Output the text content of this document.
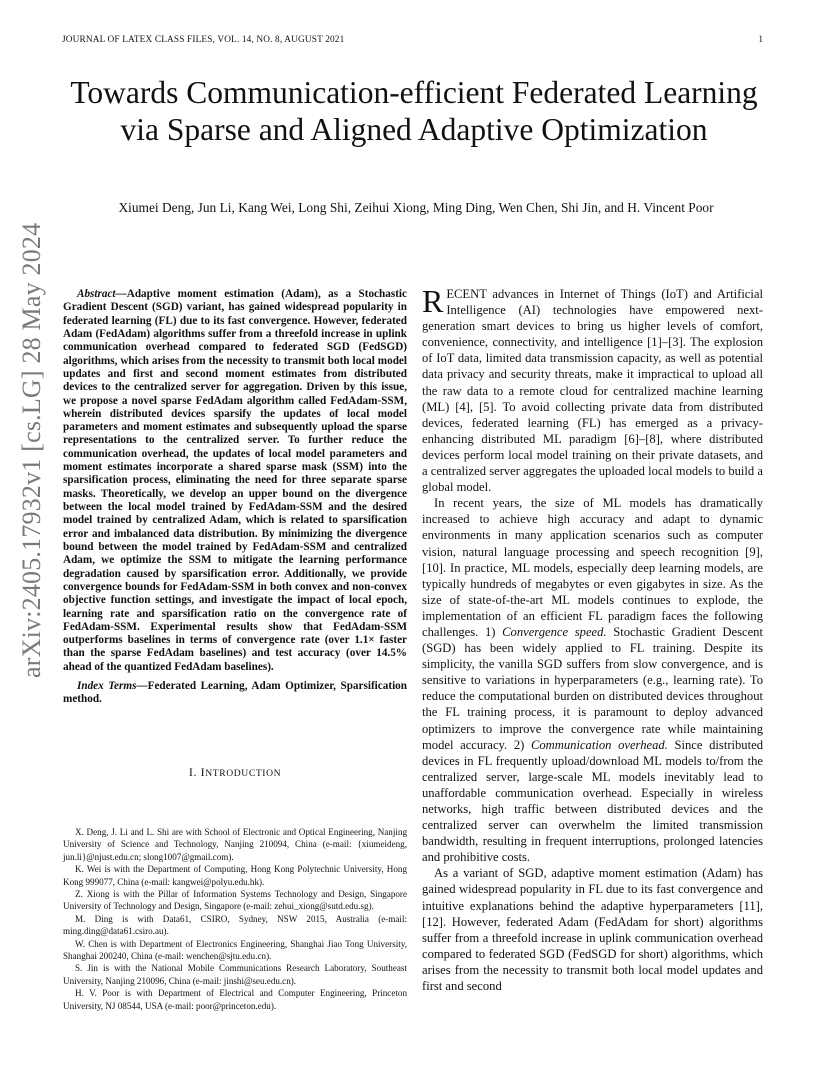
JOURNAL OF LATEX CLASS FILES, VOL. 14, NO. 8, AUGUST 2021	1
Towards Communication-efficient Federated Learning via Sparse and Aligned Adaptive Optimization
Xiumei Deng, Jun Li, Kang Wei, Long Shi, Zeihui Xiong, Ming Ding, Wen Chen, Shi Jin, and H. Vincent Poor
arXiv:2405.17932v1 [cs.LG] 28 May 2024	Abstract—Adaptive moment estimation (Adam), as a Stochastic Gradient Descent (SGD) variant, has gained widespread popularity in federated learning (FL) due to its fast convergence. However, federated Adam (FedAdam) algorithms suffer from a threefold increase in uplink communication overhead compared to federated SGD (FedSGD) algorithms, which arises from the necessity to transmit both local model updates and first and second moment estimates from distributed devices to the centralized server for aggregation. Driven by this issue, we propose a novel sparse FedAdam algorithm called FedAdam-SSM, wherein distributed devices sparsify the updates of local model parameters and moment estimates and subsequently upload the sparse representations to the centralized server. To further reduce the communication overhead, the updates of local model parameters and moment estimates incorporate a shared sparse mask (SSM) into the sparsification process, eliminating the need for three separate sparse masks. Theoretically, we develop an upper bound on the divergence between the local model trained by FedAdam-SSM and the desired model trained by centralized Adam, which is related to sparsification error and imbalanced data distribution. By minimizing the divergence bound between the model trained by FedAdam-SSM and centralized Adam, we optimize the SSM to mitigate the learning performance degradation caused by sparsification error. Additionally, we provide convergence bounds for FedAdam-SSM in both convex and non-convex objective function settings, and investigate the impact of local epoch, learning rate and sparsification ratio on the convergence rate of FedAdam-SSM. Experimental results show that FedAdam-SSM outperforms baselines in terms of convergence rate (over 1.1× faster than the sparse FedAdam baselines) and test accuracy (over 14.5% ahead of the quantized FedAdam baselines).

Index Terms—Federated Learning, Adam Optimizer, Sparsification method.

I. INTRODUCTION

X. Deng, J. Li and L. Shi are with School of Electronic and Optical Engineering, Nanjing University of Science and Technology, Nanjing 210094, China (e-mail: {xiumeideng, jun.li}@njust.edu.cn; slong1007@gmail.com).

K. Wei is with the Department of Computing, Hong Kong Polytechnic University, Hong Kong 999077, China (e-mail: kangwei@polyu.edu.hk).

Z. Xiong is with the Pillar of Information Systems Technology and Design, Singapore University of Technology and Design, Singapore (e-mail: zehui_xiong@sutd.edu.sg).

M. Ding is with Data61, CSIRO, Sydney, NSW 2015, Australia (e-mail: ming.ding@data61.csiro.au).

W. Chen is with Department of Electronics Engineering, Shanghai Jiao Tong University, Shanghai 200240, China (e-mail: wenchen@sjtu.edu.cn).

S. Jin is with the National Mobile Communications Research Laboratory, Southeast University, Nanjing 210096, China (e-mail: jinshi@seu.edu.cn).

H. V. Poor is with Department of Electrical and Computer Engineering, Princeton University, NJ 08544, USA (e-mail: poor@princeton.edu).

RECENT advances in Internet of Things (IoT) and Artificial Intelligence (AI) technologies have empowered next-generation smart devices to bring us higher levels of comfort, convenience, connectivity, and intelligence [1]–[3]. The explosion of IoT data, limited data transmission capacity, as well as potential data privacy and security threats, make it impractical to upload all the raw data to a remote cloud for centralized machine learning (ML) [4], [5]. To avoid collecting private data from distributed devices, federated learning (FL) has emerged as a privacy-enhancing distributed ML paradigm [6]–[8], where distributed devices perform local model training on their private datasets, and a centralized server aggregates the uploaded local models to build a global model.

In recent years, the size of ML models has dramatically increased to achieve high accuracy and adapt to dynamic environments in many application scenarios such as computer vision, natural language processing and speech recognition [9], [10]. In practice, ML models, especially deep learning models, are typically hundreds of megabytes or even gigabytes in size. As the size of state-of-the-art ML models continues to explode, the implementation of an efficient FL paradigm faces the following challenges. 1) Convergence speed. Stochastic Gradient Descent (SGD) has been widely applied to FL training. Despite its simplicity, the vanilla SGD suffers from slow convergence, and is sensitive to variations in hyperparameters (e.g., learning rate). To reduce the computational burden on distributed devices throughout the FL training process, it is paramount to deploy advanced optimizers to improve the convergence rate while maintaining model accuracy. 2) Communication overhead. Since distributed devices in FL frequently upload/download ML models to/from the centralized server, large-scale ML models inevitably lead to unaffordable communication overhead. Especially in wireless networks, high traffic between distributed devices and the centralized server can overwhelm the limited transmission bandwidth, resulting in frequent interruptions, prolonged latencies and prohibitive costs.

As a variant of SGD, adaptive moment estimation (Adam) has gained widespread popularity in FL due to its fast convergence and intuitive explanations behind the adaptive hyperparameters [11], [12]. However, federated Adam (FedAdam for short) algorithms suffer from a threefold increase in uplink communication overhead compared to federated SGD (FedSGD for short) algorithms, which arises from the necessity to transmit both local model updates and first and second
